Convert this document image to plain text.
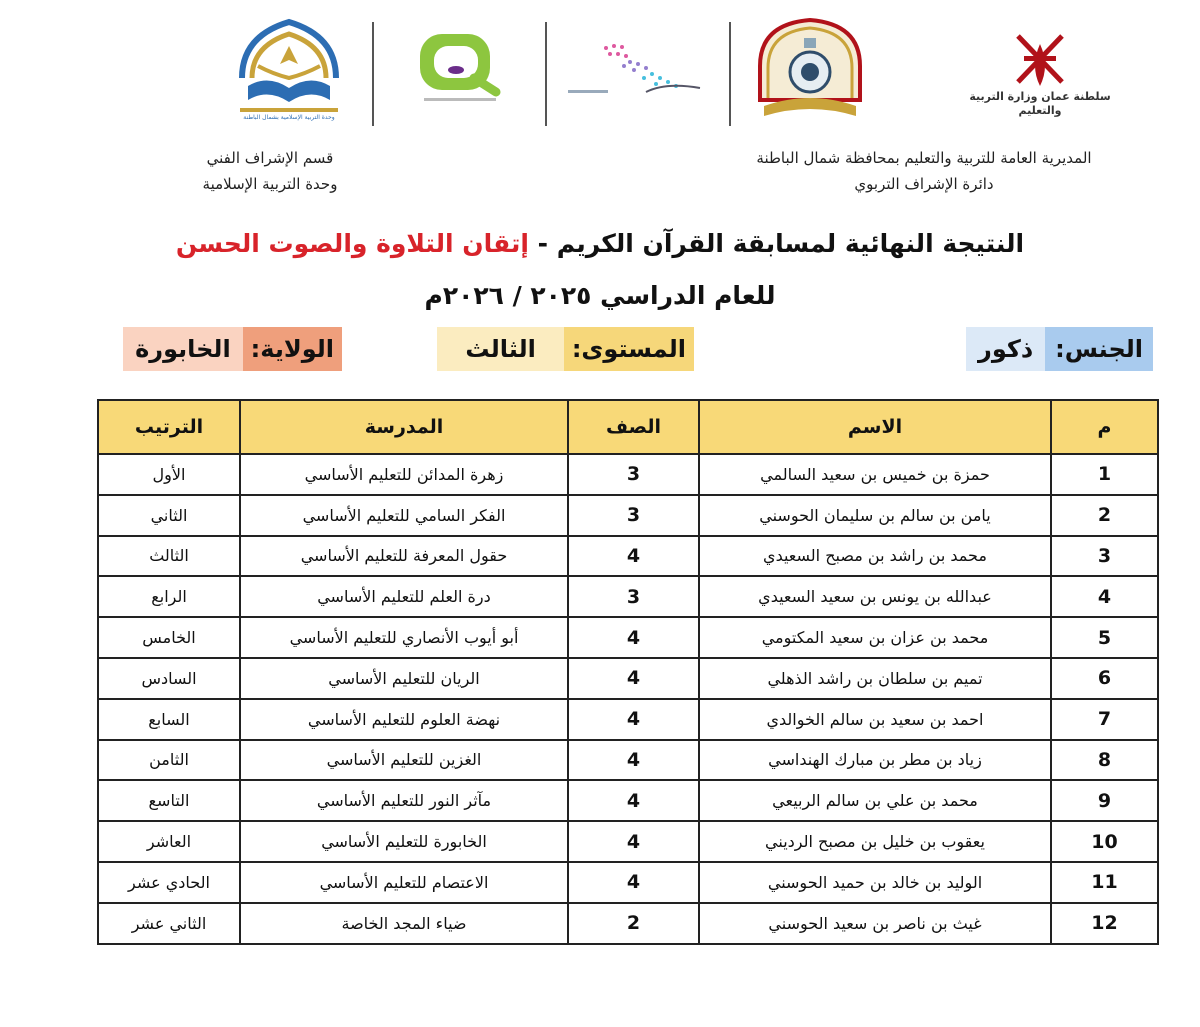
وحدة التربية الإسلامية بشمال الباطنة
سلطنة عمان وزارة التربية والتعليم
المديرية العامة للتربية والتعليم بمحافظة شمال الباطنة
دائرة الإشراف التربوي
قسم الإشراف الفني
وحدة التربية الإسلامية
النتيجة النهائية لمسابقة القرآن الكريم - إتقان التلاوة والصوت الحسن
للعام الدراسي ٢٠٢٥ / ٢٠٢٦م
الجنس:
ذكور
المستوى:
الثالث
الولاية:
الخابورة
م	الاسم	الصف	المدرسة	الترتيب
1	حمزة بن خميس بن سعيد السالمي	3	زهرة المدائن للتعليم الأساسي	الأول
2	يامن بن سالم بن سليمان الحوسني	3	الفكر السامي للتعليم الأساسي	الثاني
3	محمد بن راشد بن مصبح السعيدي	4	حقول المعرفة للتعليم الأساسي	الثالث
4	عبدالله بن يونس بن سعيد السعيدي	3	درة العلم للتعليم الأساسي	الرابع
5	محمد بن عزان بن سعيد المكتومي	4	أبو أيوب الأنصاري للتعليم الأساسي	الخامس
6	تميم بن سلطان بن راشد الذهلي	4	الريان للتعليم الأساسي	السادس
7	احمد بن سعيد بن سالم الخوالدي	4	نهضة العلوم للتعليم الأساسي	السابع
8	زياد بن مطر بن مبارك الهنداسي	4	الغزين للتعليم الأساسي	الثامن
9	محمد بن علي بن سالم الربيعي	4	مآثر النور للتعليم الأساسي	التاسع
10	يعقوب بن خليل بن مصبح الرديني	4	الخابورة للتعليم الأساسي	العاشر
11	الوليد بن خالد بن حميد الحوسني	4	الاعتصام للتعليم الأساسي	الحادي عشر
12	غيث بن ناصر بن سعيد الحوسني	2	ضياء المجد الخاصة	الثاني عشر
